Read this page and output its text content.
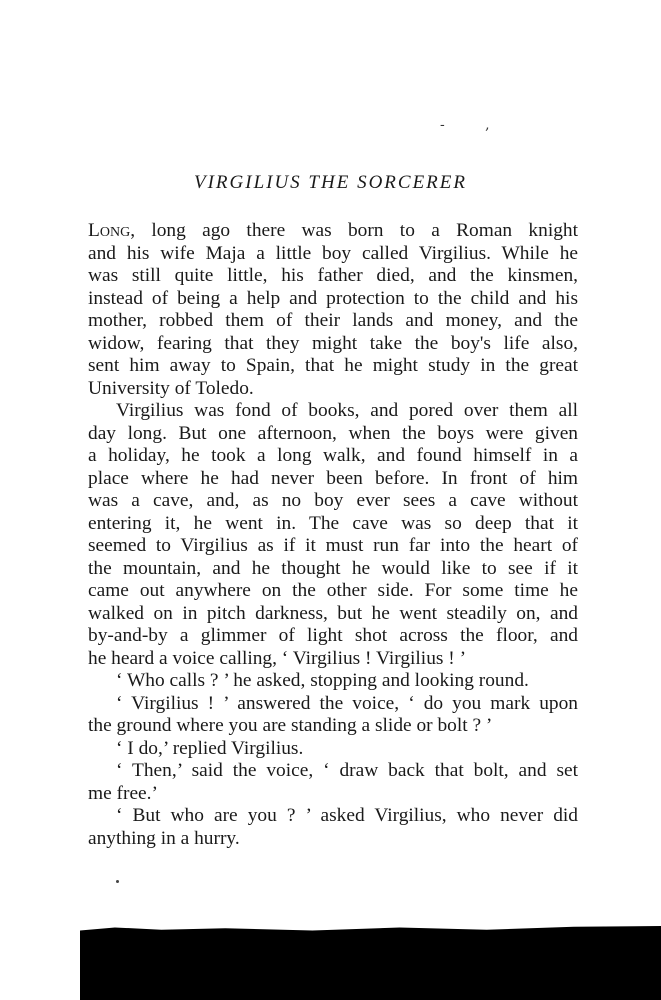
- ,
VIRGILIUS THE SORCERER
Long, long ago there was born to a Roman knight
and his wife Maja a little boy called Virgilius. While he
was still quite little, his father died, and the kinsmen,
instead of being a help and protection to the child and his
mother, robbed them of their lands and money, and the
widow, fearing that they might take the boy's life also,
sent him away to Spain, that he might study in the great
University of Toledo.
Virgilius was fond of books, and pored over them all
day long. But one afternoon, when the boys were given
a holiday, he took a long walk, and found himself in a
place where he had never been before. In front of him
was a cave, and, as no boy ever sees a cave without
entering it, he went in. The cave was so deep that it
seemed to Virgilius as if it must run far into the heart of
the mountain, and he thought he would like to see if it
came out anywhere on the other side. For some time he
walked on in pitch darkness, but he went steadily on, and
by-and-by a glimmer of light shot across the floor, and
he heard a voice calling, ‘ Virgilius ! Virgilius ! ’
‘ Who calls ? ’ he asked, stopping and looking round.
‘ Virgilius ! ’ answered the voice, ‘ do you mark upon
the ground where you are standing a slide or bolt ? ’
‘ I do,’ replied Virgilius.
‘ Then,’ said the voice, ‘ draw back that bolt, and set
me free.’
‘ But who are you ? ’ asked Virgilius, who never did
anything in a hurry.
